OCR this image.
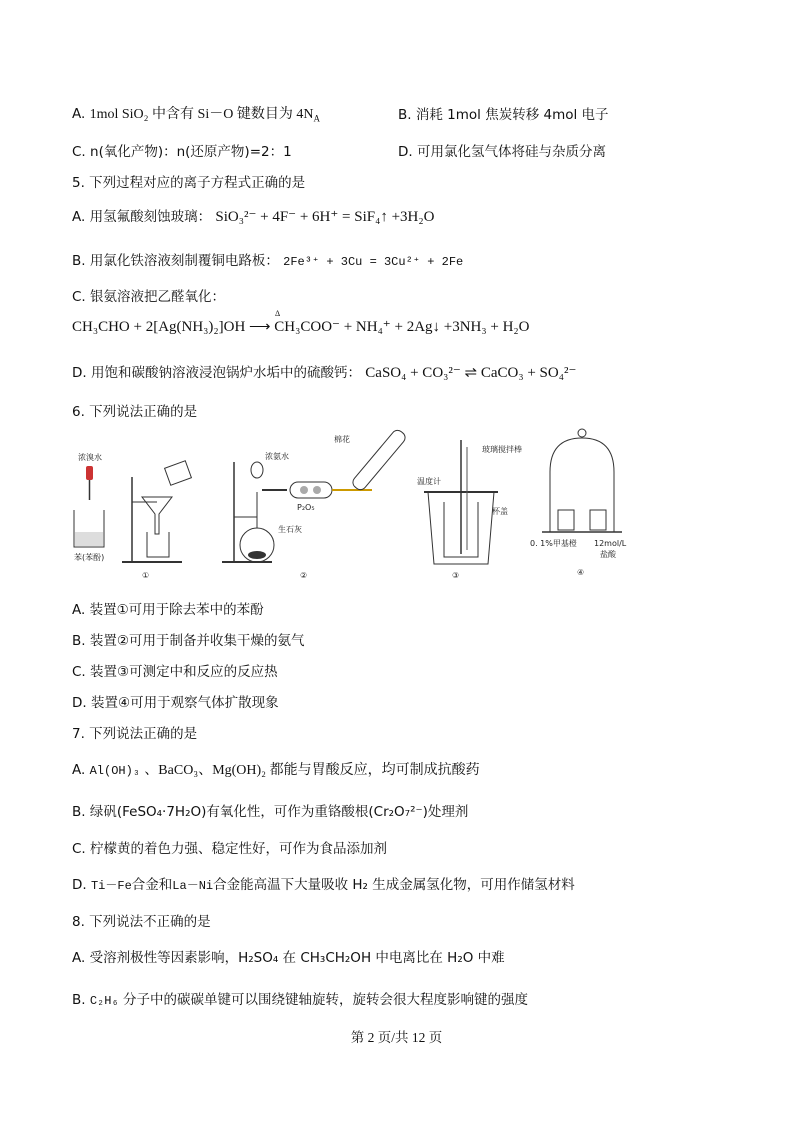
A. 1mol SiO₂ 中含有 Si－O 键数目为 $4N_A$	B. 消耗 1mol 焦炭转移 4mol 电子
C. n(氧化产物)：n(还原产物)=2：1	D. 可用氯化氢气体将硅与杂质分离
5. 下列过程对应的离子方程式正确的是
A. 用氢氟酸刻蚀玻璃： SiO₃²⁻ + 4F⁻ + 6H⁺ = SiF₄↑ +3H₂O
B. 用氯化铁溶液刻制覆铜电路板： 2Fe³⁺ + 3Cu = 3Cu²⁺ + 2Fe
C. 银氨溶液把乙醛氧化：
CH₃CHO + 2[Ag(NH₃)₂]OH ⟶ CH₃COO⁻ + NH₄⁺ + 2Ag↓ +3NH₃ + H₂O
Δ
D. 用饱和碳酸钠溶液浸泡锅炉水垢中的硫酸钙： CaSO₄ + CO₃²⁻ ⇌ CaCO₃ + SO₄²⁻
6. 下列说法正确的是
浓溴水
苯(苯酚)
①
浓氨水
P₂O₅
生石灰
棉花
②
温度计
玻璃搅拌棒
杯盖
③
0. 1%甲基橙 12mol/L
盐酸
④
A. 装置①可用于除去苯中的苯酚
B. 装置②可用于制备并收集干燥的氨气
C. 装置③可测定中和反应的反应热
D. 装置④可用于观察气体扩散现象
7. 下列说法正确的是
A. Al(OH)₃ 、BaCO₃、Mg(OH)₂ 都能与胃酸反应，均可制成抗酸药
B. 绿矾(FeSO₄·7H₂O)有氧化性，可作为重铬酸根(Cr₂O₇²⁻)处理剂
C. 柠檬黄的着色力强、稳定性好，可作为食品添加剂
D. Ti－Fe合金和La－Ni合金能高温下大量吸收 H₂ 生成金属氢化物，可用作储氢材料
8. 下列说法不正确的是
A. 受溶剂极性等因素影响，H₂SO₄ 在 CH₃CH₂OH 中电离比在 H₂O 中难
B. C₂H₆ 分子中的碳碳单键可以围绕键轴旋转，旋转会很大程度影响键的强度
第 2 页/共 12 页
